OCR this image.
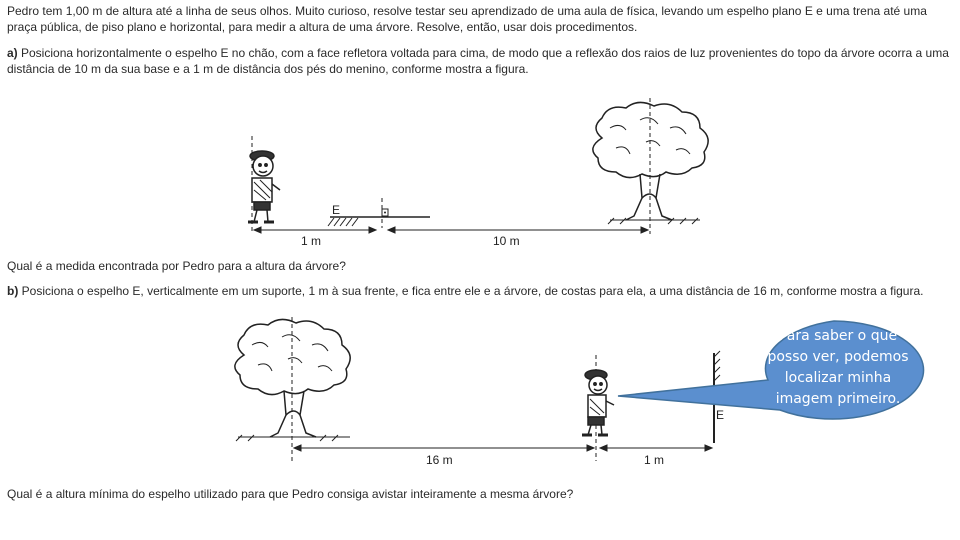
Pedro tem 1,00 m de altura até a linha de seus olhos. Muito curioso, resolve testar seu aprendizado de uma aula de física, levando um espelho plano E e uma trena até uma praça pública, de piso plano e horizontal, para medir a altura de uma árvore. Resolve, então, usar dois procedimentos.
a) Posiciona horizontalmente o espelho E no chão, com a face refletora voltada para cima, de modo que a reflexão dos raios de luz provenientes do topo da árvore ocorra a uma distância de 10 m da sua base e a 1 m de distância dos pés do menino, conforme mostra a figura.
E
1 m	10 m
Qual é a medida encontrada por Pedro para a altura da árvore?
b) Posiciona o espelho E, verticalmente em um suporte, 1 m à sua frente, e fica entre ele e a árvore, de costas para ela, a uma distância de 16 m, conforme mostra a figura.
E
16 m	1 m
Qual é a altura mínima do espelho utilizado para que Pedro consiga avistar inteiramente a mesma árvore?
Para saber o que posso ver, podemos localizar minha imagem primeiro.
